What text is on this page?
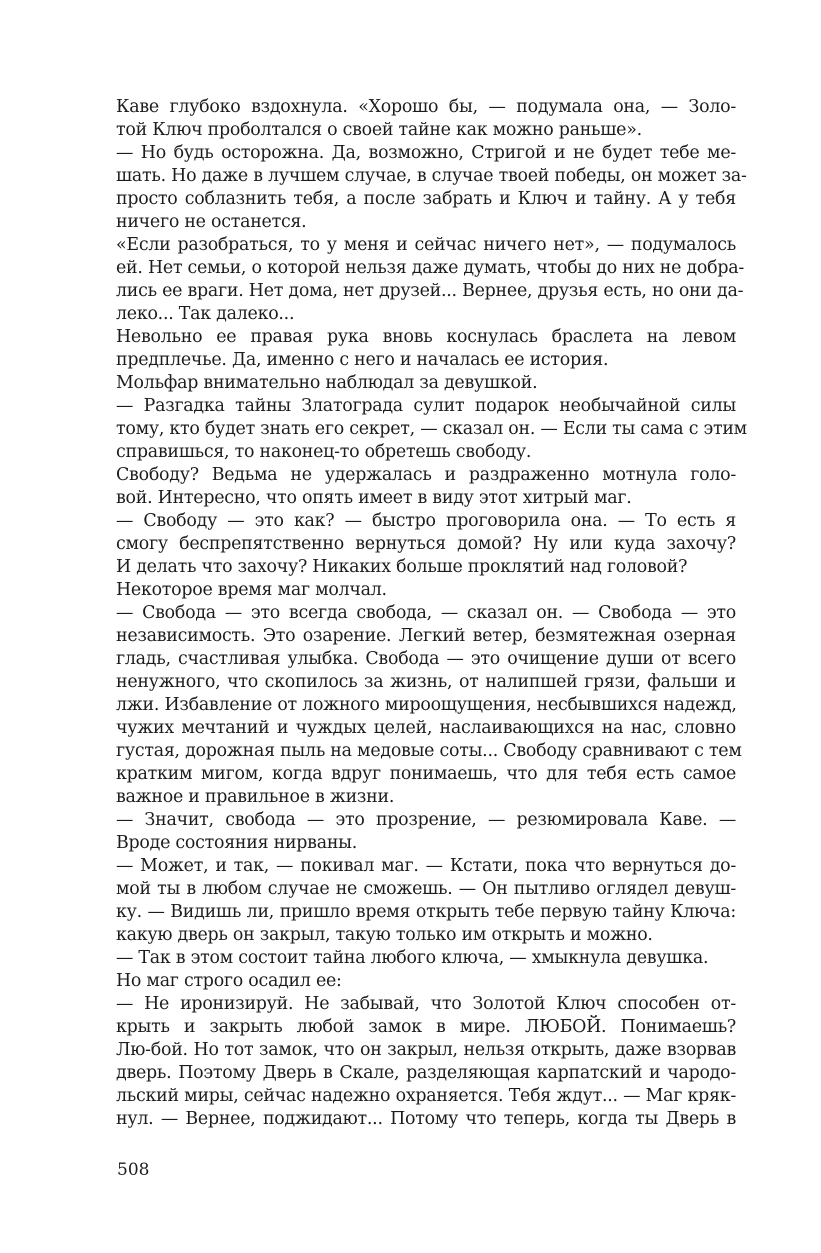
Каве глубоко вздохнула. «Хорошо бы, — подумала она, — Золо-
той Ключ проболтался о своей тайне как можно раньше».
— Но будь осторожна. Да, возможно, Стригой и не будет тебе ме-
шать. Но даже в лучшем случае, в случае твоей победы, он может за-
просто соблазнить тебя, а после забрать и Ключ и тайну. А у тебя
ничего не останется.
«Если разобраться, то у меня и сейчас ничего нет», — подумалось
ей. Нет семьи, о которой нельзя даже думать, чтобы до них не добра-
лись ее враги. Нет дома, нет друзей... Вернее, друзья есть, но они да-
леко... Так далеко...
Невольно ее правая рука вновь коснулась браслета на левом
предплечье. Да, именно с него и началась ее история.
Мольфар внимательно наблюдал за девушкой.
— Разгадка тайны Златограда сулит подарок необычайной силы
тому, кто будет знать его секрет, — сказал он. — Если ты сама с этим
справишься, то наконец-то обретешь свободу.
Свободу? Ведьма не удержалась и раздраженно мотнула голо-
вой. Интересно, что опять имеет в виду этот хитрый маг.
— Свободу — это как? — быстро проговорила она. — То есть я
смогу беспрепятственно вернуться домой? Ну или куда захочу?
И делать что захочу? Никаких больше проклятий над головой?
Некоторое время маг молчал.
— Свобода — это всегда свобода, — сказал он. — Свобода — это
независимость. Это озарение. Легкий ветер, безмятежная озерная
гладь, счастливая улыбка. Свобода — это очищение души от всего
ненужного, что скопилось за жизнь, от налипшей грязи, фальши и
лжи. Избавление от ложного мироощущения, несбывшихся надежд,
чужих мечтаний и чуждых целей, наслаивающихся на нас, словно
густая, дорожная пыль на медовые соты... Свободу сравнивают с тем
кратким мигом, когда вдруг понимаешь, что для тебя есть самое
важное и правильное в жизни.
— Значит, свобода — это прозрение, — резюмировала Каве. —
Вроде состояния нирваны.
— Может, и так, — покивал маг. — Кстати, пока что вернуться до-
мой ты в любом случае не сможешь. — Он пытливо оглядел девуш-
ку. — Видишь ли, пришло время открыть тебе первую тайну Ключа:
какую дверь он закрыл, такую только им открыть и можно.
— Так в этом состоит тайна любого ключа, — хмыкнула девушка.
Но маг строго осадил ее:
— Не иронизируй. Не забывай, что Золотой Ключ способен от-
крыть и закрыть любой замок в мире. ЛЮБОЙ. Понимаешь?
Лю-бой. Но тот замок, что он закрыл, нельзя открыть, даже взорвав
дверь. Поэтому Дверь в Скале, разделяющая карпатский и чародо-
льский миры, сейчас надежно охраняется. Тебя ждут... — Маг кряк-
нул. — Вернее, поджидают... Потому что теперь, когда ты Дверь в
508
